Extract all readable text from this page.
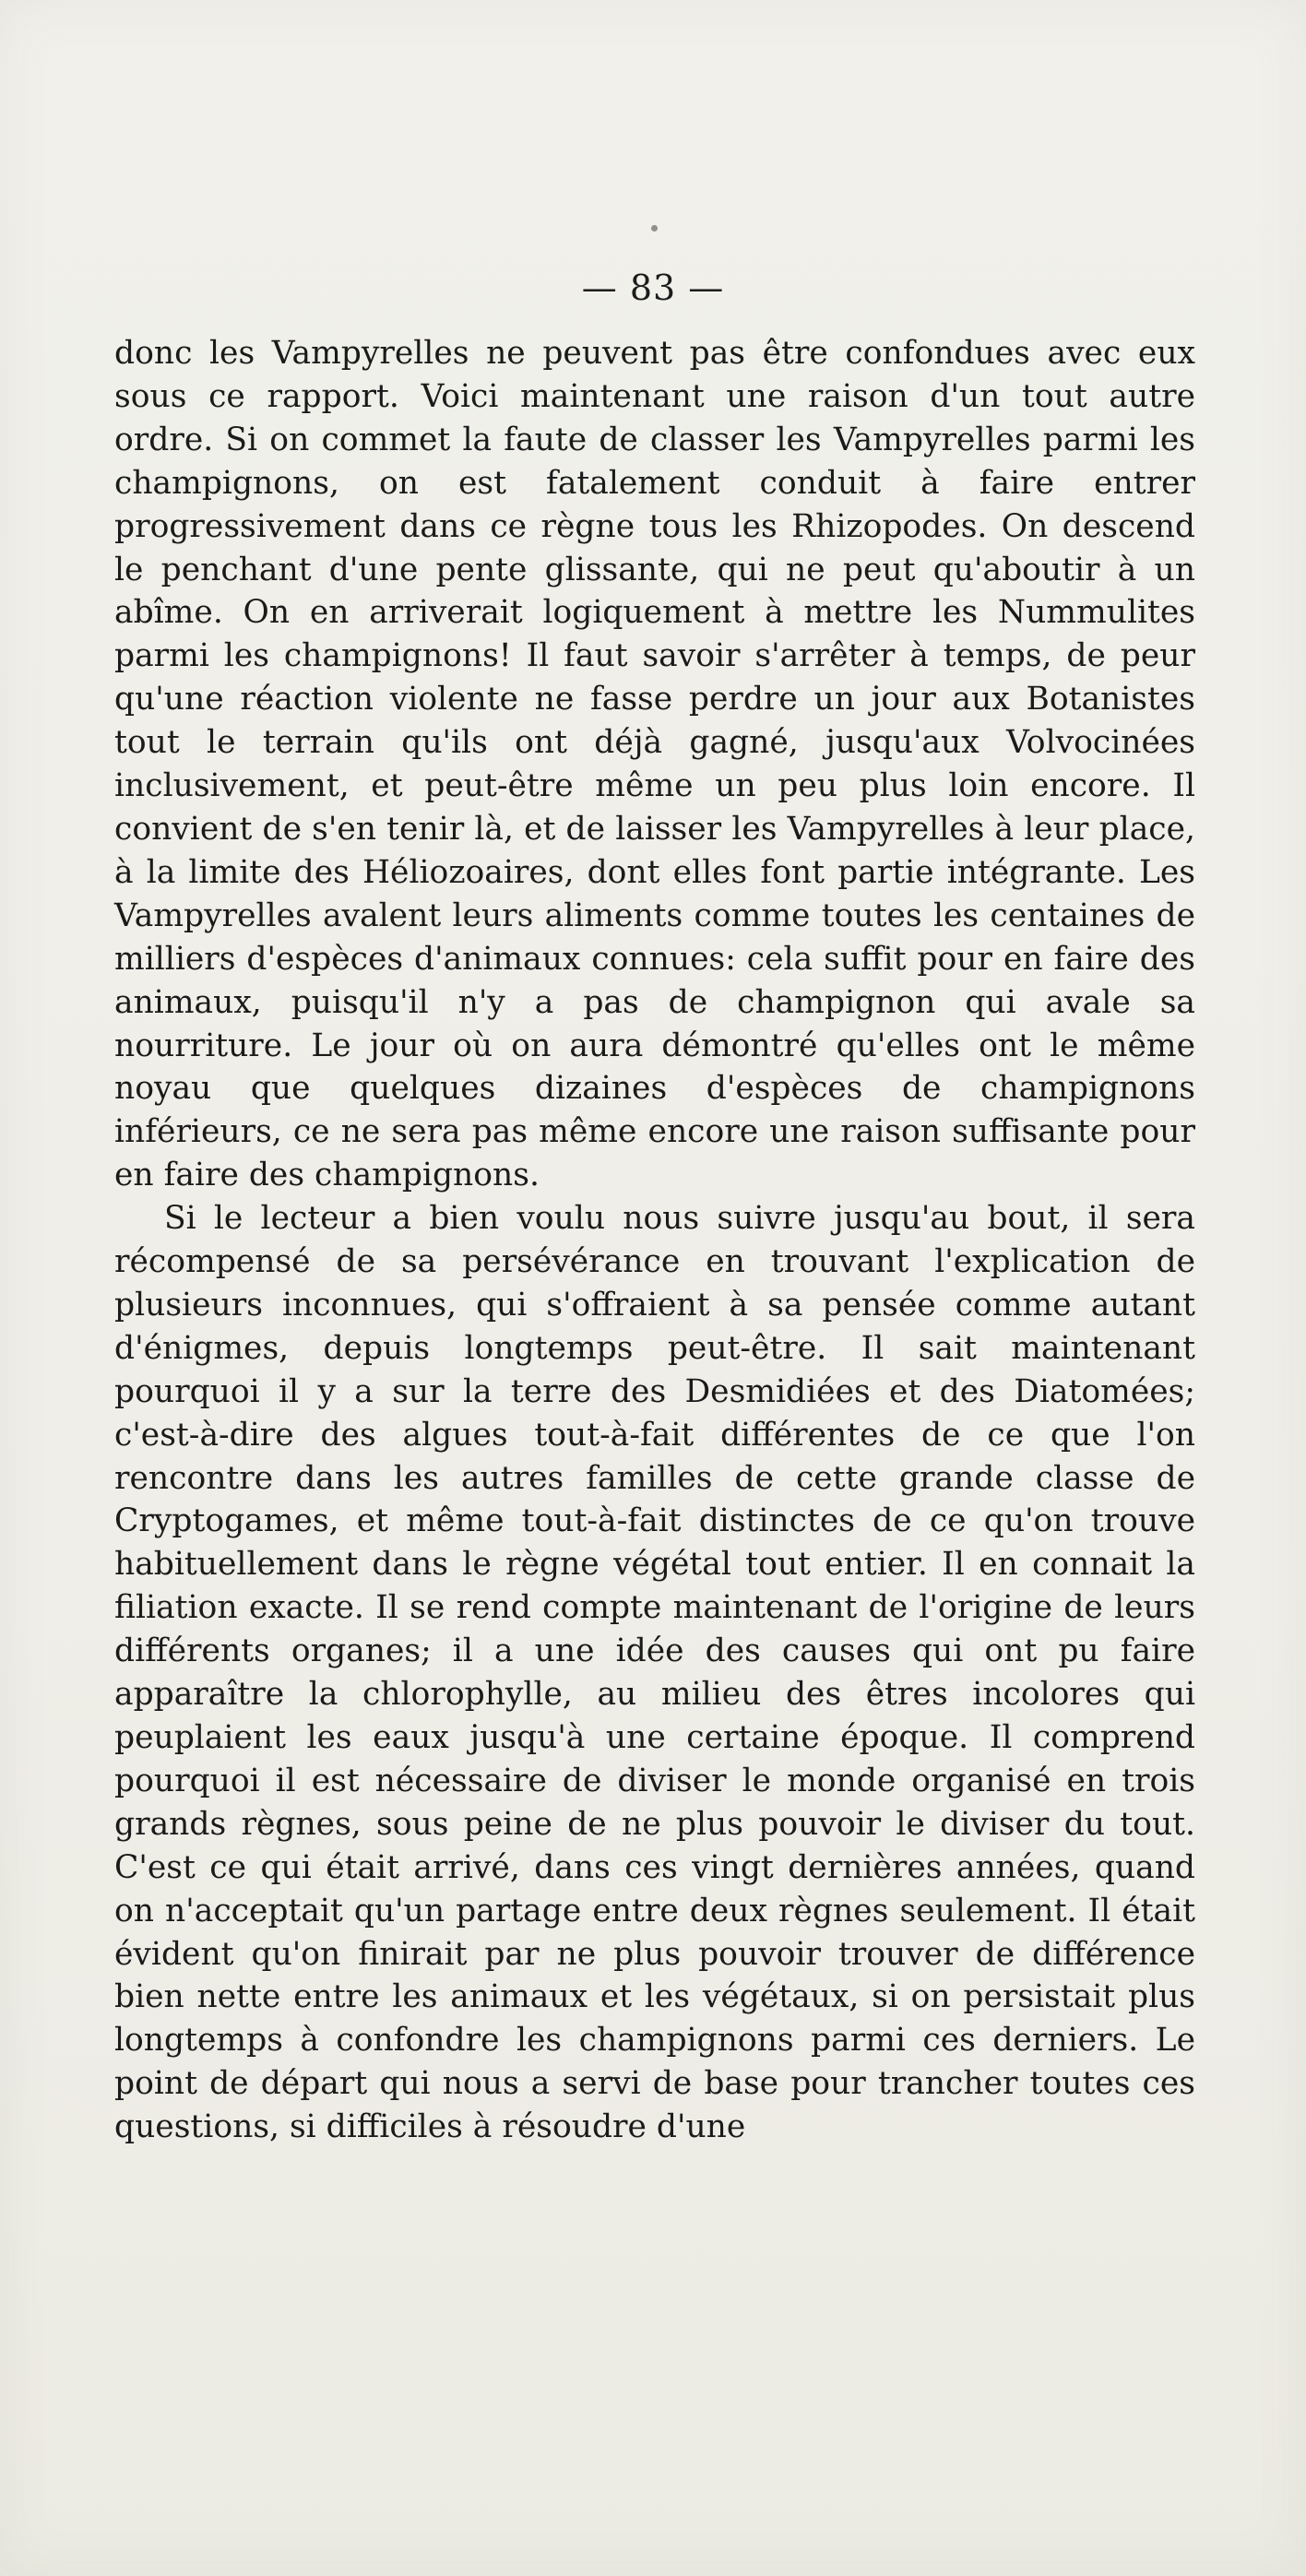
— 83 —

donc les Vampyrelles ne peuvent pas être confondues avec eux sous ce rapport. Voici maintenant une raison d'un tout autre ordre. Si on commet la faute de classer les Vampyrelles parmi les champignons, on est fatalement conduit à faire entrer progressivement dans ce règne tous les Rhizopodes. On descend le penchant d'une pente glissante, qui ne peut qu'aboutir à un abîme. On en arriverait logiquement à mettre les Nummulites parmi les champignons! Il faut savoir s'arrêter à temps, de peur qu'une réaction violente ne fasse perdre un jour aux Botanistes tout le terrain qu'ils ont déjà gagné, jusqu'aux Volvocinées inclusivement, et peut-être même un peu plus loin encore. Il convient de s'en tenir là, et de laisser les Vampyrelles à leur place, à la limite des Héliozoaires, dont elles font partie intégrante. Les Vampyrelles avalent leurs aliments comme toutes les centaines de milliers d'espèces d'animaux connues: cela suffit pour en faire des animaux, puisqu'il n'y a pas de champignon qui avale sa nourriture. Le jour où on aura démontré qu'elles ont le même noyau que quelques dizaines d'espèces de champignons inférieurs, ce ne sera pas même encore une raison suffisante pour en faire des champignons.

Si le lecteur a bien voulu nous suivre jusqu'au bout, il sera récompensé de sa persévérance en trouvant l'explication de plusieurs inconnues, qui s'offraient à sa pensée comme autant d'énigmes, depuis longtemps peut-être. Il sait maintenant pourquoi il y a sur la terre des Desmidiées et des Diatomées; c'est-à-dire des algues tout-à-fait différentes de ce que l'on rencontre dans les autres familles de cette grande classe de Cryptogames, et même tout-à-fait distinctes de ce qu'on trouve habituellement dans le règne végétal tout entier. Il en connait la filiation exacte. Il se rend compte maintenant de l'origine de leurs différents organes; il a une idée des causes qui ont pu faire apparaître la chlorophylle, au milieu des êtres incolores qui peuplaient les eaux jusqu'à une certaine époque. Il comprend pourquoi il est nécessaire de diviser le monde organisé en trois grands règnes, sous peine de ne plus pouvoir le diviser du tout. C'est ce qui était arrivé, dans ces vingt dernières années, quand on n'acceptait qu'un partage entre deux règnes seulement. Il était évident qu'on finirait par ne plus pouvoir trouver de différence bien nette entre les animaux et les végétaux, si on persistait plus longtemps à confondre les champignons parmi ces derniers. Le point de départ qui nous a servi de base pour trancher toutes ces questions, si difficiles à résoudre d'une
